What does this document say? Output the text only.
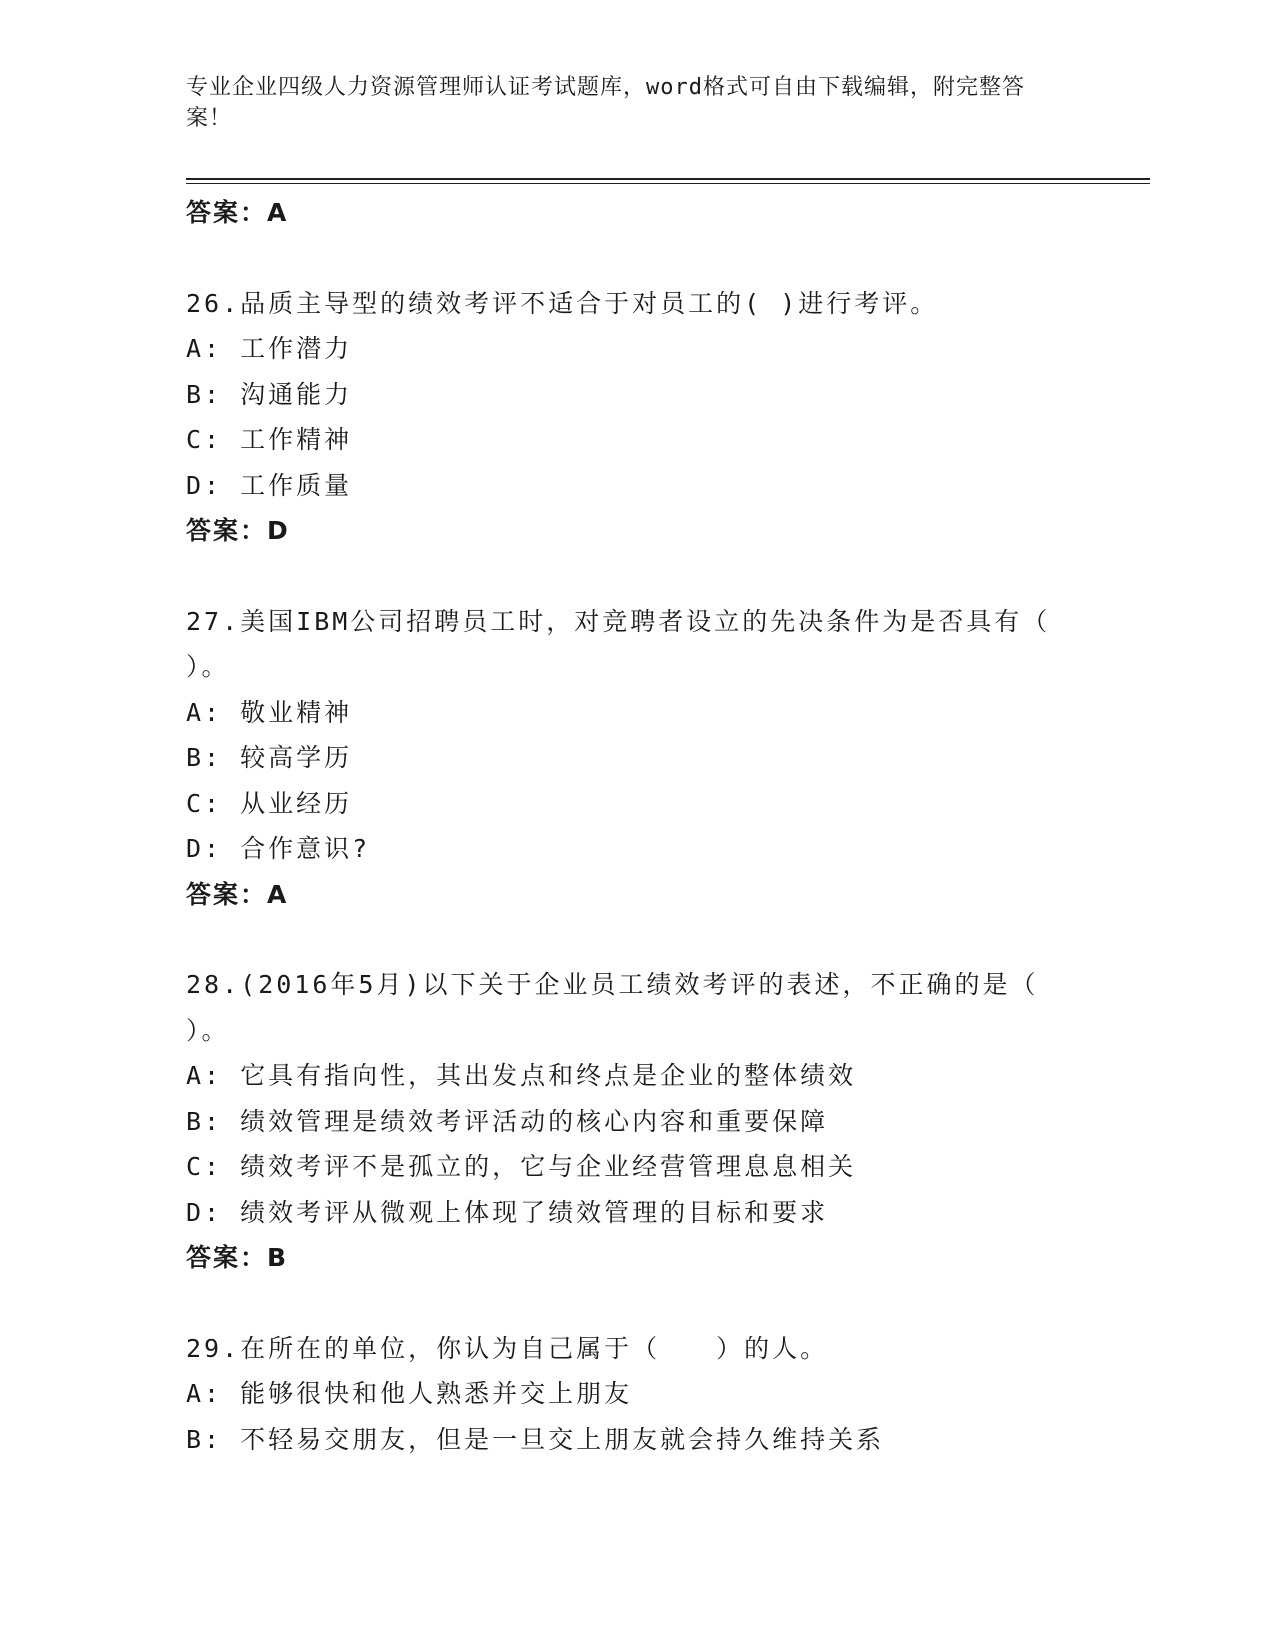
专业企业四级人力资源管理师认证考试题库，word格式可自由下载编辑，附完整答案！
答案：A
26.品质主导型的绩效考评不适合于对员工的( )进行考评。
A: 工作潜力
B: 沟通能力
C: 工作精神
D: 工作质量
答案：D
27.美国IBM公司招聘员工时，对竞聘者设立的先决条件为是否具有（
）。
A: 敬业精神
B: 较高学历
C: 从业经历
D: 合作意识?
答案：A
28.(2016年5月)以下关于企业员工绩效考评的表述，不正确的是（
）。
A: 它具有指向性，其出发点和终点是企业的整体绩效
B: 绩效管理是绩效考评活动的核心内容和重要保障
C: 绩效考评不是孤立的，它与企业经营管理息息相关
D: 绩效考评从微观上体现了绩效管理的目标和要求
答案：B
29.在所在的单位，你认为自己属于（　　）的人。
A: 能够很快和他人熟悉并交上朋友
B: 不轻易交朋友，但是一旦交上朋友就会持久维持关系
